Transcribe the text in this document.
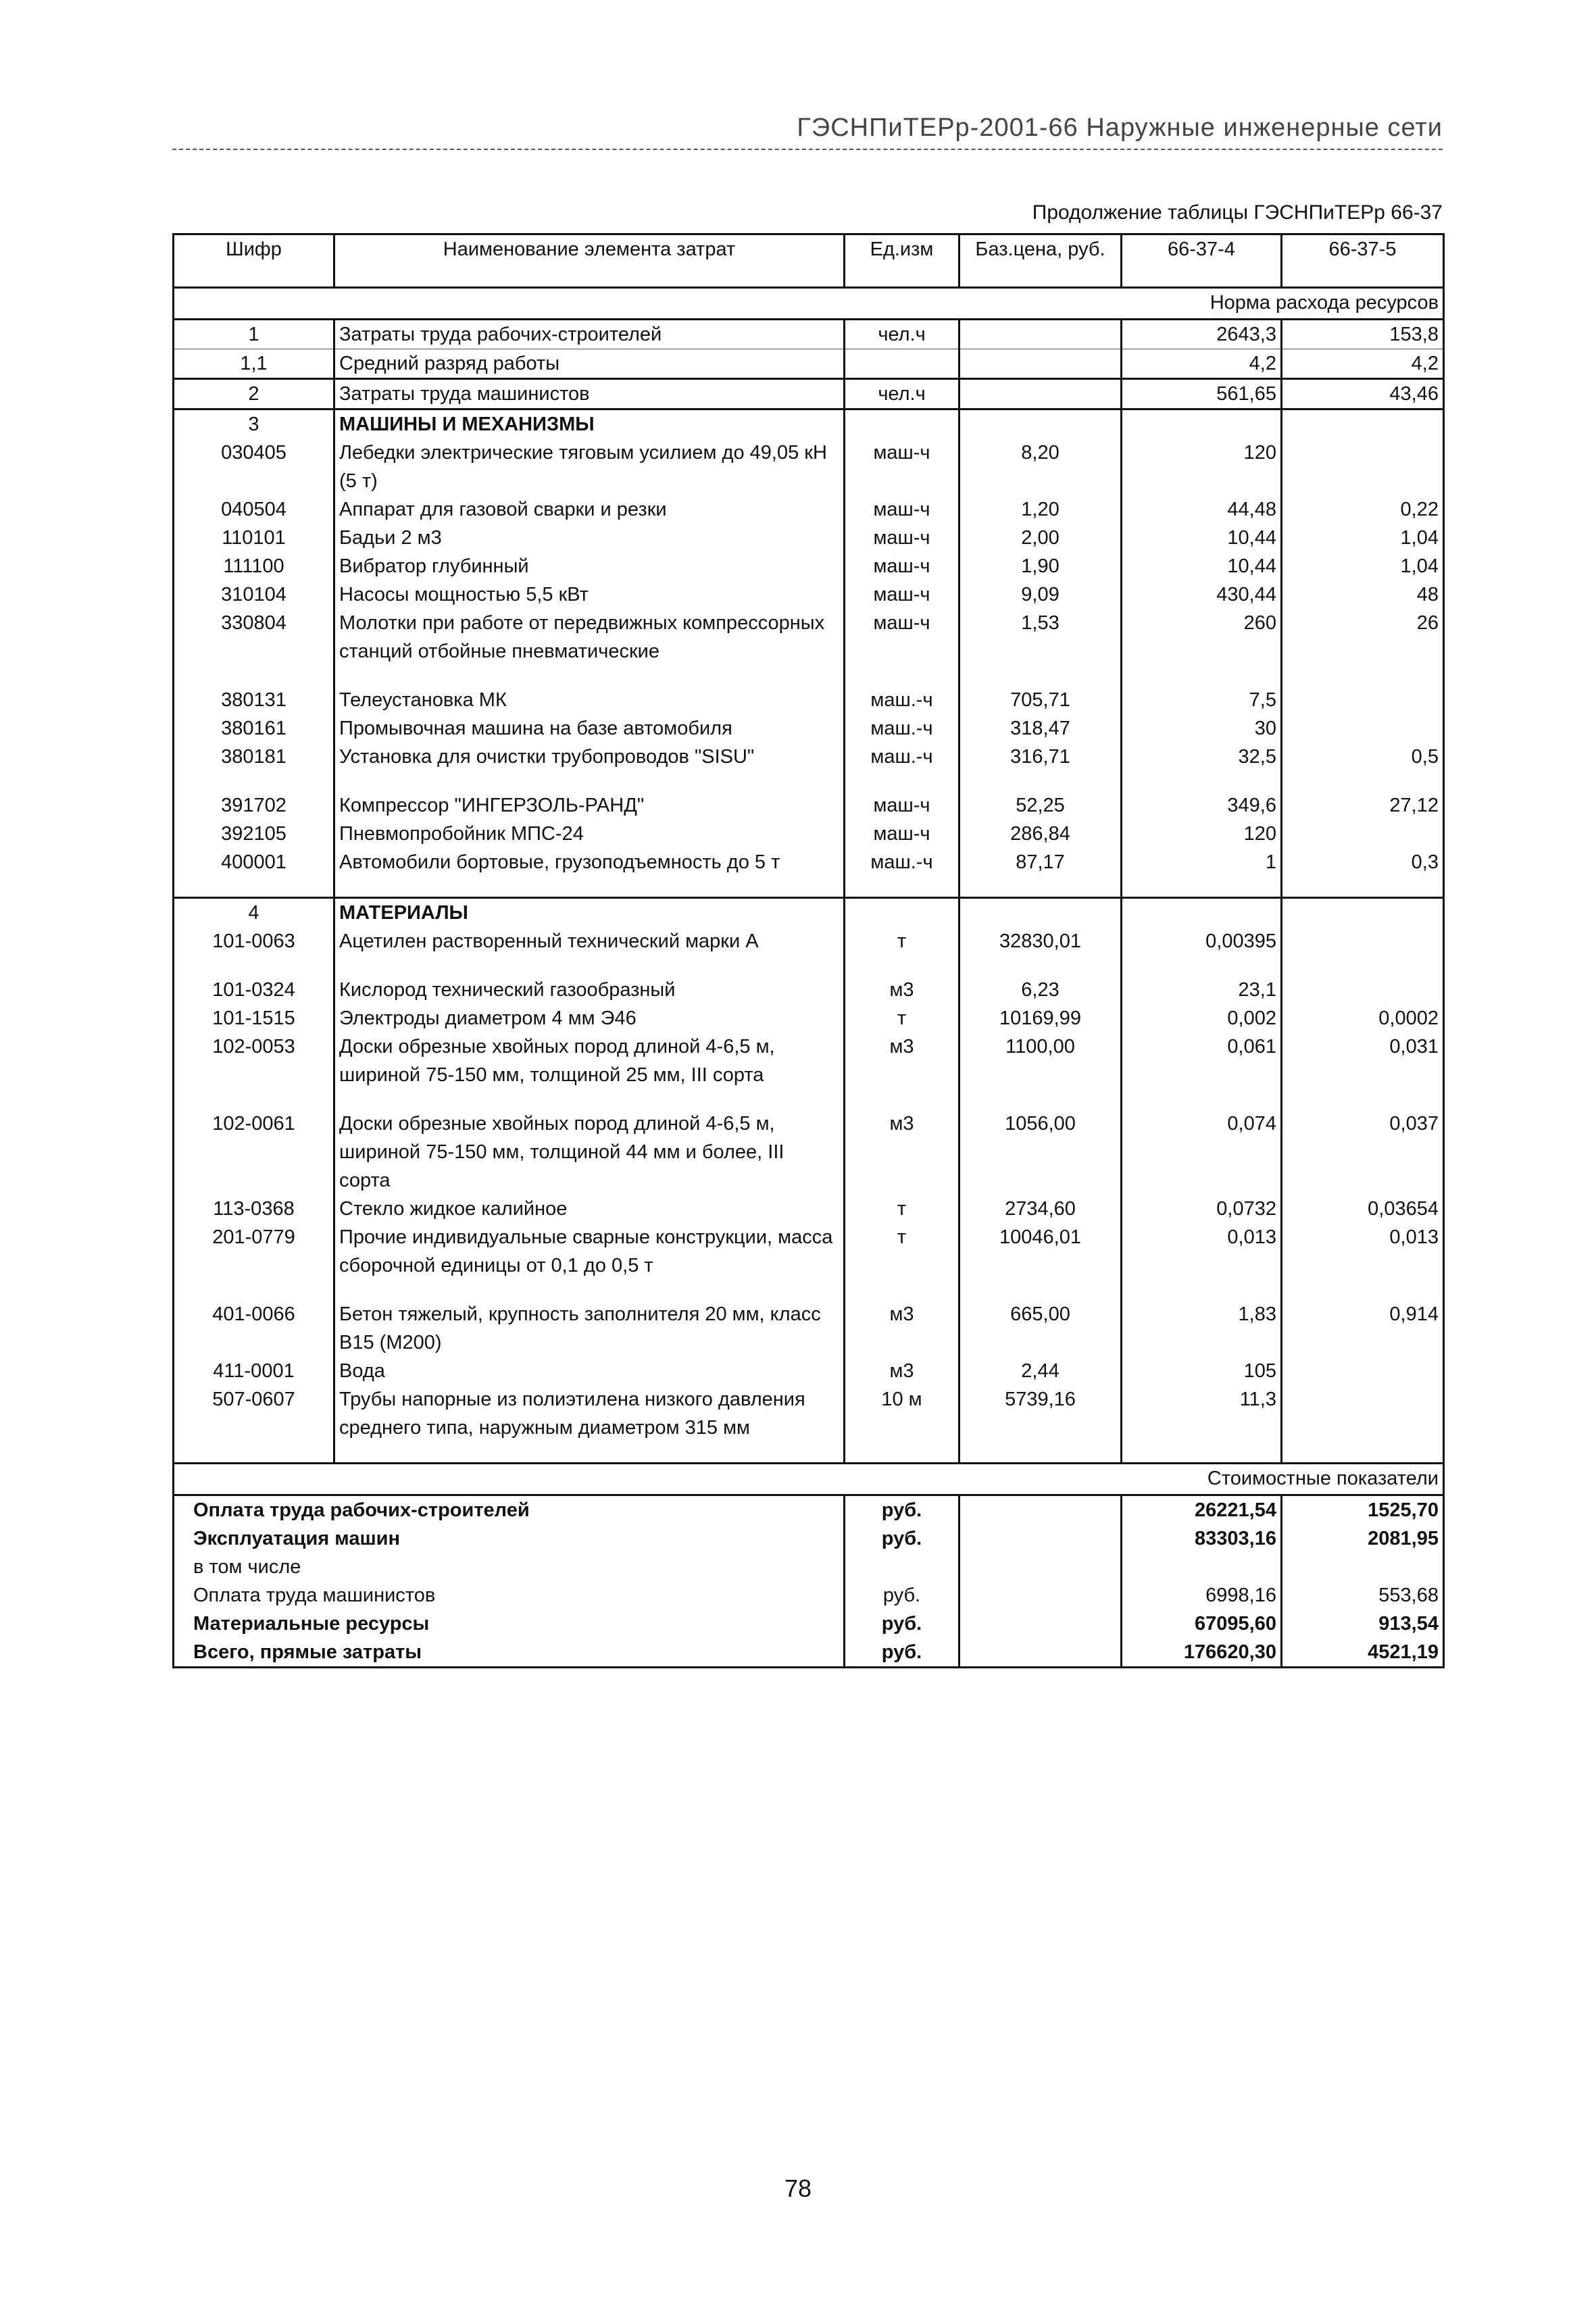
ГЭСНПиТЕРр-2001-66 Наружные инженерные сети
Продолжение таблицы ГЭСНПиТЕРр 66-37
Шифр	Наименование элемента затрат	Ед.изм	Баз.цена, руб.	66-37-4	66-37-5
Норма расхода ресурсов					
1	Затраты труда рабочих-строителей	чел.ч		2643,3	153,8
1,1	Средний разряд работы			4,2	4,2
2	Затраты труда машинистов	чел.ч		561,65	43,46
3	МАШИНЫ И МЕХАНИЗМЫ				
030405	Лебедки электрические тяговым усилием до 49,05 кН (5 т)	маш-ч	8,20	120	
040504	Аппарат для газовой сварки и резки	маш-ч	1,20	44,48	0,22
110101	Бадьи 2 м3	маш-ч	2,00	10,44	1,04
111100	Вибратор глубинный	маш-ч	1,90	10,44	1,04
310104	Насосы мощностью 5,5 кВт	маш-ч	9,09	430,44	48
330804	Молотки при работе от передвижных компрессорных станций отбойные пневматические	маш-ч	1,53	260	26

380131	Телеустановка МК	маш.-ч	705,71	7,5	
380161	Промывочная машина на базе автомобиля	маш.-ч	318,47	30	
380181	Установка для очистки трубопроводов "SISU"	маш.-ч	316,71	32,5	0,5

391702	Компрессор "ИНГЕРЗОЛЬ-РАНД"	маш-ч	52,25	349,6	27,12
392105	Пневмопробойник МПС-24	маш-ч	286,84	120	
400001	Автомобили бортовые, грузоподъемность до 5 т	маш.-ч	87,17	1	0,3

4	МАТЕРИАЛЫ				
101-0063	Ацетилен растворенный технический марки А	т	32830,01	0,00395	

101-0324	Кислород технический газообразный	м3	6,23	23,1	
101-1515	Электроды диаметром 4 мм Э46	т	10169,99	0,002	0,0002
102-0053	Доски обрезные хвойных пород длиной 4-6,5 м, шириной 75-150 мм, толщиной 25 мм, III сорта	м3	1100,00	0,061	0,031

102-0061	Доски обрезные хвойных пород длиной 4-6,5 м, шириной 75-150 мм, толщиной 44 мм и более, III сорта	м3	1056,00	0,074	0,037
113-0368	Стекло жидкое калийное	т	2734,60	0,0732	0,03654
201-0779	Прочие индивидуальные сварные конструкции, масса сборочной единицы от 0,1 до 0,5 т	т	10046,01	0,013	0,013

401-0066	Бетон тяжелый, крупность заполнителя 20 мм, класс В15 (М200)	м3	665,00	1,83	0,914
411-0001	Вода	м3	2,44	105	
507-0607	Трубы напорные из полиэтилена низкого давления среднего типа, наружным диаметром 315 мм	10 м	5739,16	11,3	

Стоимостные показатели					
Оплата труда рабочих-строителей		руб.		26221,54	1525,70
Эксплуатация машин		руб.		83303,16	2081,95
в том числе					
Оплата труда машинистов		руб.		6998,16	553,68
Материальные ресурсы		руб.		67095,60	913,54
Всего, прямые затраты		руб.		176620,30	4521,19
78
